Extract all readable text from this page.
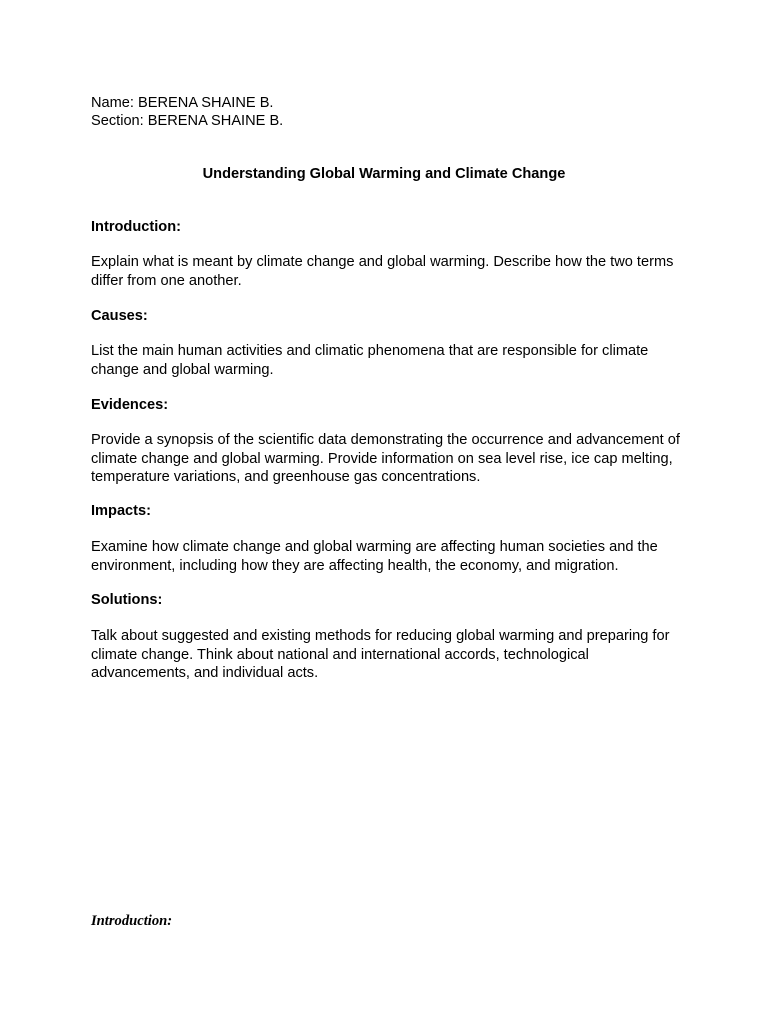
Name: BERENA SHAINE B.

Section: BERENA SHAINE B.

Understanding Global Warming and Climate Change

Introduction:

Explain what is meant by climate change and global warming. Describe how the two terms differ from one another.

Causes:

List the main human activities and climatic phenomena that are responsible for climate change and global warming.

Evidences:

Provide a synopsis of the scientific data demonstrating the occurrence and advancement of climate change and global warming. Provide information on sea level rise, ice cap melting, temperature variations, and greenhouse gas concentrations.

Impacts:

Examine how climate change and global warming are affecting human societies and the environment, including how they are affecting health, the economy, and migration.

Solutions:

Talk about suggested and existing methods for reducing global warming and preparing for climate change. Think about national and international accords, technological advancements, and individual acts.

Introduction:
